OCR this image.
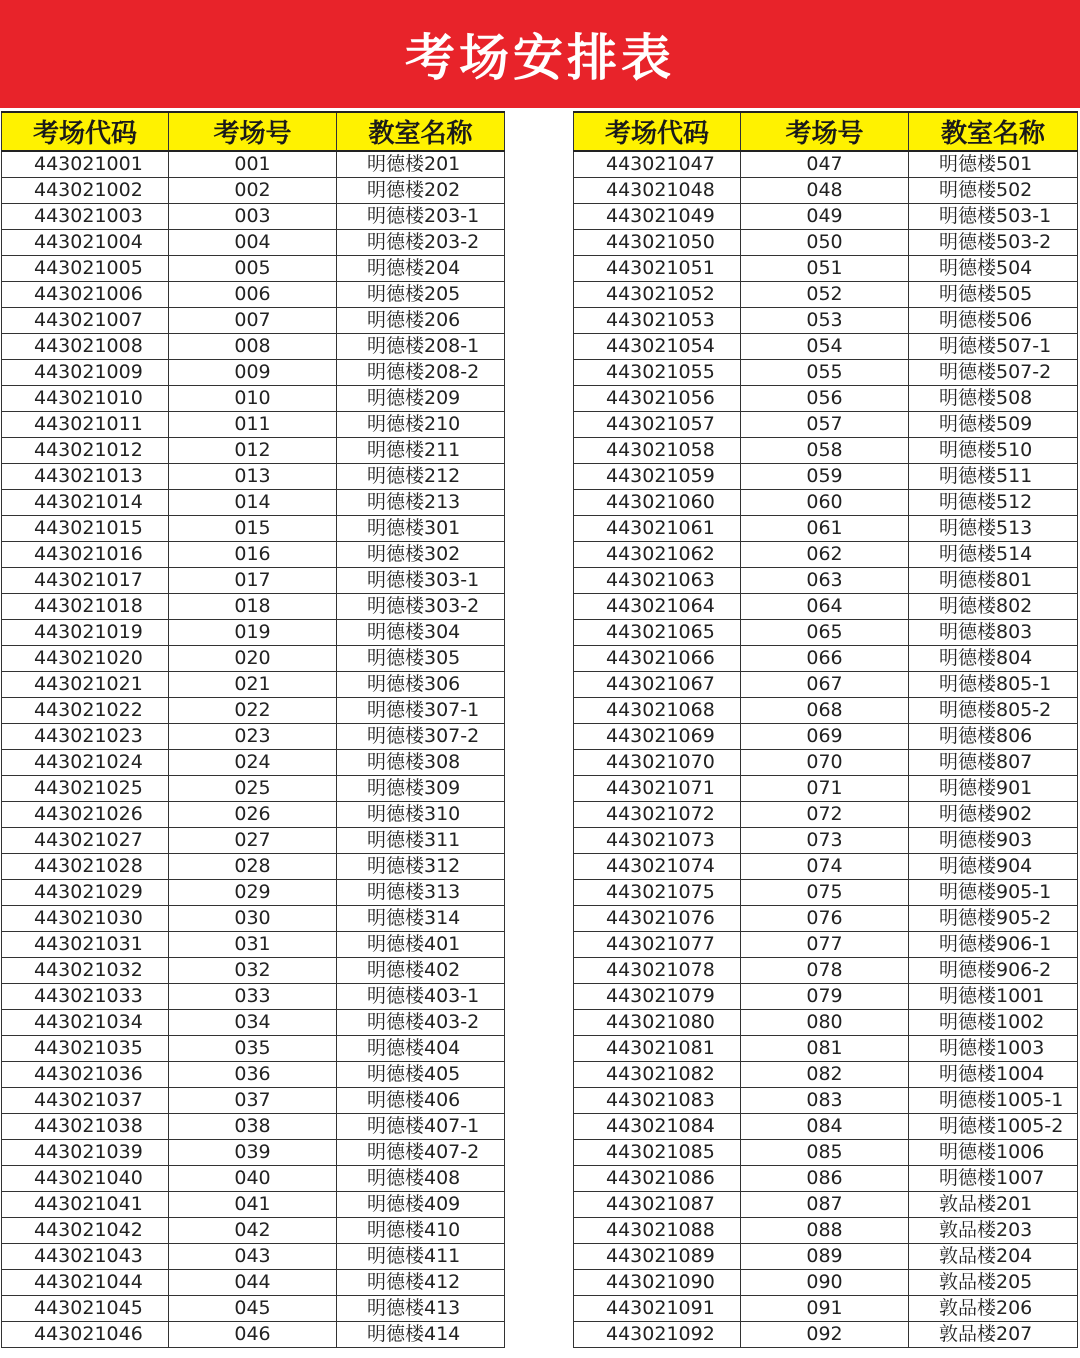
考场安排表
考场代码	考场号	教室名称
443021001	001	明德楼201
443021002	002	明德楼202
443021003	003	明德楼203-1
443021004	004	明德楼203-2
443021005	005	明德楼204
443021006	006	明德楼205
443021007	007	明德楼206
443021008	008	明德楼208-1
443021009	009	明德楼208-2
443021010	010	明德楼209
443021011	011	明德楼210
443021012	012	明德楼211
443021013	013	明德楼212
443021014	014	明德楼213
443021015	015	明德楼301
443021016	016	明德楼302
443021017	017	明德楼303-1
443021018	018	明德楼303-2
443021019	019	明德楼304
443021020	020	明德楼305
443021021	021	明德楼306
443021022	022	明德楼307-1
443021023	023	明德楼307-2
443021024	024	明德楼308
443021025	025	明德楼309
443021026	026	明德楼310
443021027	027	明德楼311
443021028	028	明德楼312
443021029	029	明德楼313
443021030	030	明德楼314
443021031	031	明德楼401
443021032	032	明德楼402
443021033	033	明德楼403-1
443021034	034	明德楼403-2
443021035	035	明德楼404
443021036	036	明德楼405
443021037	037	明德楼406
443021038	038	明德楼407-1
443021039	039	明德楼407-2
443021040	040	明德楼408
443021041	041	明德楼409
443021042	042	明德楼410
443021043	043	明德楼411
443021044	044	明德楼412
443021045	045	明德楼413
443021046	046	明德楼414
考场代码	考场号	教室名称
443021047	047	明德楼501
443021048	048	明德楼502
443021049	049	明德楼503-1
443021050	050	明德楼503-2
443021051	051	明德楼504
443021052	052	明德楼505
443021053	053	明德楼506
443021054	054	明德楼507-1
443021055	055	明德楼507-2
443021056	056	明德楼508
443021057	057	明德楼509
443021058	058	明德楼510
443021059	059	明德楼511
443021060	060	明德楼512
443021061	061	明德楼513
443021062	062	明德楼514
443021063	063	明德楼801
443021064	064	明德楼802
443021065	065	明德楼803
443021066	066	明德楼804
443021067	067	明德楼805-1
443021068	068	明德楼805-2
443021069	069	明德楼806
443021070	070	明德楼807
443021071	071	明德楼901
443021072	072	明德楼902
443021073	073	明德楼903
443021074	074	明德楼904
443021075	075	明德楼905-1
443021076	076	明德楼905-2
443021077	077	明德楼906-1
443021078	078	明德楼906-2
443021079	079	明德楼1001
443021080	080	明德楼1002
443021081	081	明德楼1003
443021082	082	明德楼1004
443021083	083	明德楼1005-1
443021084	084	明德楼1005-2
443021085	085	明德楼1006
443021086	086	明德楼1007
443021087	087	敦品楼201
443021088	088	敦品楼203
443021089	089	敦品楼204
443021090	090	敦品楼205
443021091	091	敦品楼206
443021092	092	敦品楼207
